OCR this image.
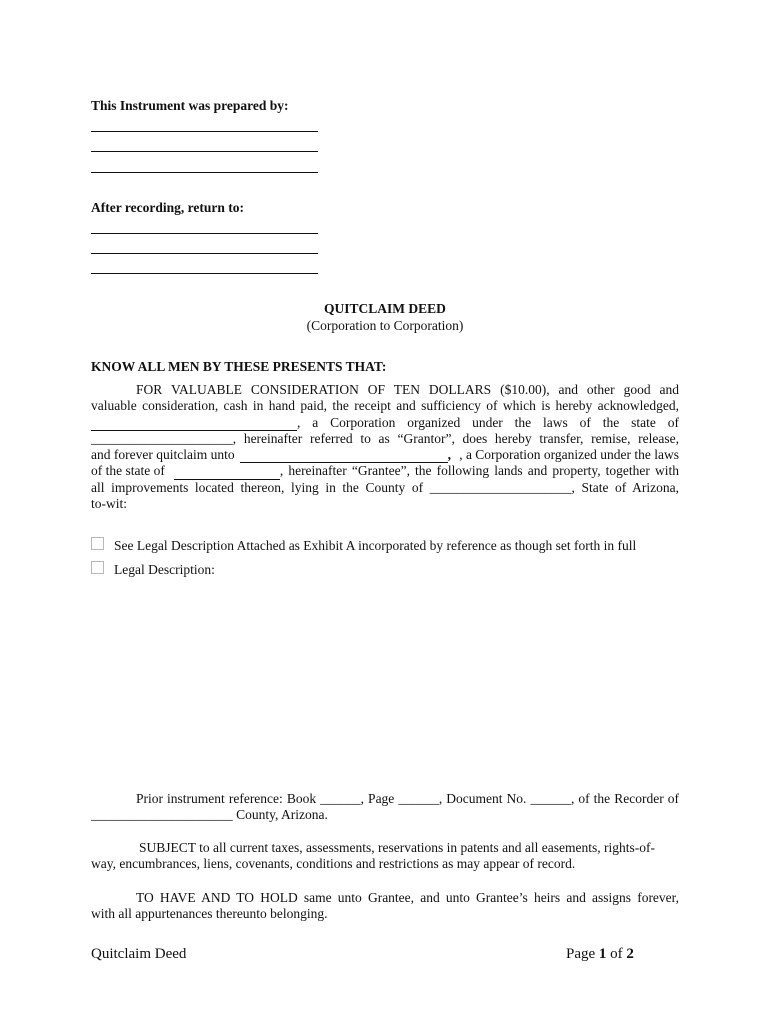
This Instrument was prepared by:
After recording, return to:
QUITCLAIM DEED
(Corporation to Corporation)
KNOW ALL MEN BY THESE PRESENTS THAT:
FOR VALUABLE CONSIDERATION OF TEN DOLLARS ($10.00), and other good and
valuable consideration, cash in hand paid, the receipt and sufficiency of which is hereby acknowledged,
, a Corporation organized under the laws of the state of
_____________________, hereinafter referred to as “Grantor”, does hereby transfer, remise, release,
and forever quitclaim unto	, , a Corporation organized under the laws
of the state of	, hereinafter “Grantee”, the following lands and property, together with
all improvements located thereon, lying in the County of _____________________, State of Arizona,
to-wit:
See Legal Description Attached as Exhibit A incorporated by reference as though set forth in full
Legal Description:
Prior instrument reference: Book ______, Page ______, Document No. ______, of the Recorder of
_____________________ County, Arizona.
SUBJECT to all current taxes, assessments, reservations in patents and all easements, rights-of-
way, encumbrances, liens, covenants, conditions and restrictions as may appear of record.
TO HAVE AND TO HOLD same unto Grantee, and unto Grantee’s heirs and assigns forever,
with all appurtenances thereunto belonging.
Quitclaim Deed	Page 1 of 2
